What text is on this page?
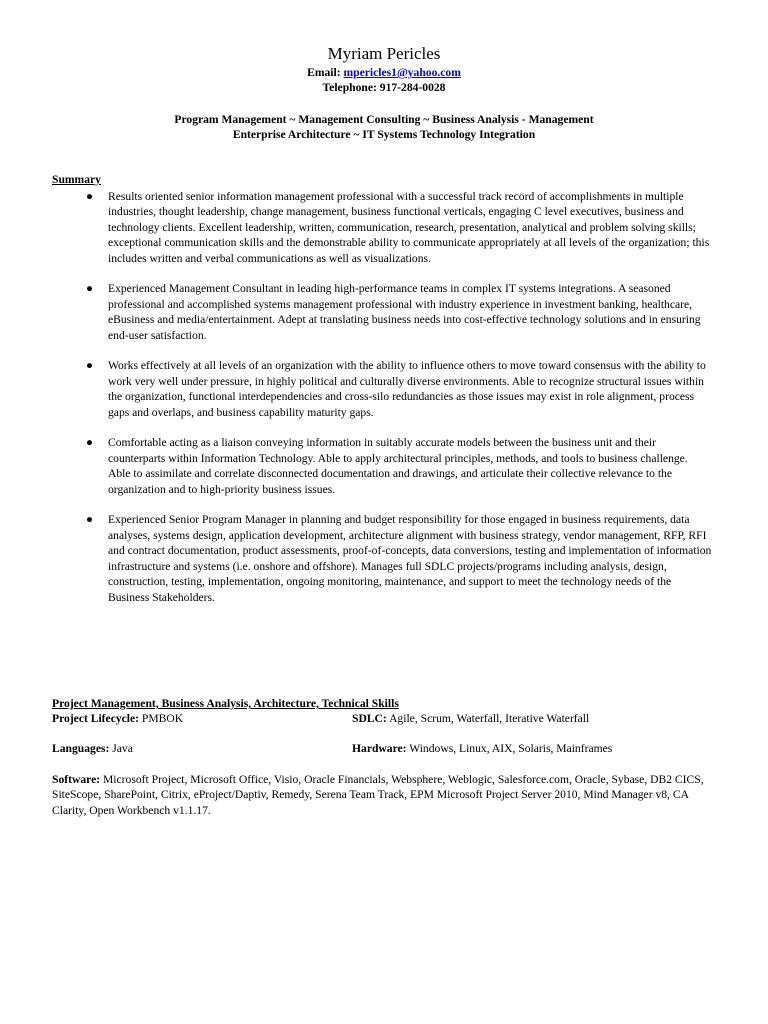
Myriam Pericles
Email: mpericles1@yahoo.com
Telephone: 917-284-0028
Program Management ~ Management Consulting ~ Business Analysis - Management
Enterprise Architecture ~ IT Systems Technology Integration
Summary
● Results oriented senior information management professional with a successful track record of accomplishments in multiple industries, thought leadership, change management, business functional verticals, engaging C level executives, business and technology clients. Excellent leadership, written, communication, research, presentation, analytical and problem solving skills; exceptional communication skills and the demonstrable ability to communicate appropriately at all levels of the organization; this includes written and verbal communications as well as visualizations.
● Experienced Management Consultant in leading high-performance teams in complex IT systems integrations. A seasoned professional and accomplished systems management professional with industry experience in investment banking, healthcare, eBusiness and media/entertainment. Adept at translating business needs into cost-effective technology solutions and in ensuring end-user satisfaction.
● Works effectively at all levels of an organization with the ability to influence others to move toward consensus with the ability to work very well under pressure, in highly political and culturally diverse environments. Able to recognize structural issues within the organization, functional interdependencies and cross-silo redundancies as those issues may exist in role alignment, process gaps and overlaps, and business capability maturity gaps.
● Comfortable acting as a liaison conveying information in suitably accurate models between the business unit and their counterparts within Information Technology. Able to apply architectural principles, methods, and tools to business challenge. Able to assimilate and correlate disconnected documentation and drawings, and articulate their collective relevance to the organization and to high-priority business issues.
● Experienced Senior Program Manager in planning and budget responsibility for those engaged in business requirements, data analyses, systems design, application development, architecture alignment with business strategy, vendor management, RFP, RFI and contract documentation, product assessments, proof-of-concepts, data conversions, testing and implementation of information infrastructure and systems (i.e. onshore and offshore). Manages full SDLC projects/programs including analysis, design, construction, testing, implementation, ongoing monitoring, maintenance, and support to meet the technology needs of the Business Stakeholders.
Project Management, Business Analysis, Architecture, Technical Skills
Project Lifecycle: PMBOK	SDLC: Agile, Scrum, Waterfall, Iterative Waterfall
Languages: Java	Hardware: Windows, Linux, AIX, Solaris, Mainframes
Software: Microsoft Project, Microsoft Office, Visio, Oracle Financials, Websphere, Weblogic, Salesforce.com, Oracle, Sybase, DB2 CICS, SiteScope, SharePoint, Citrix, eProject/Daptiv, Remedy, Serena Team Track, EPM Microsoft Project Server 2010, Mind Manager v8, CA Clarity, Open Workbench v1.1.17.
